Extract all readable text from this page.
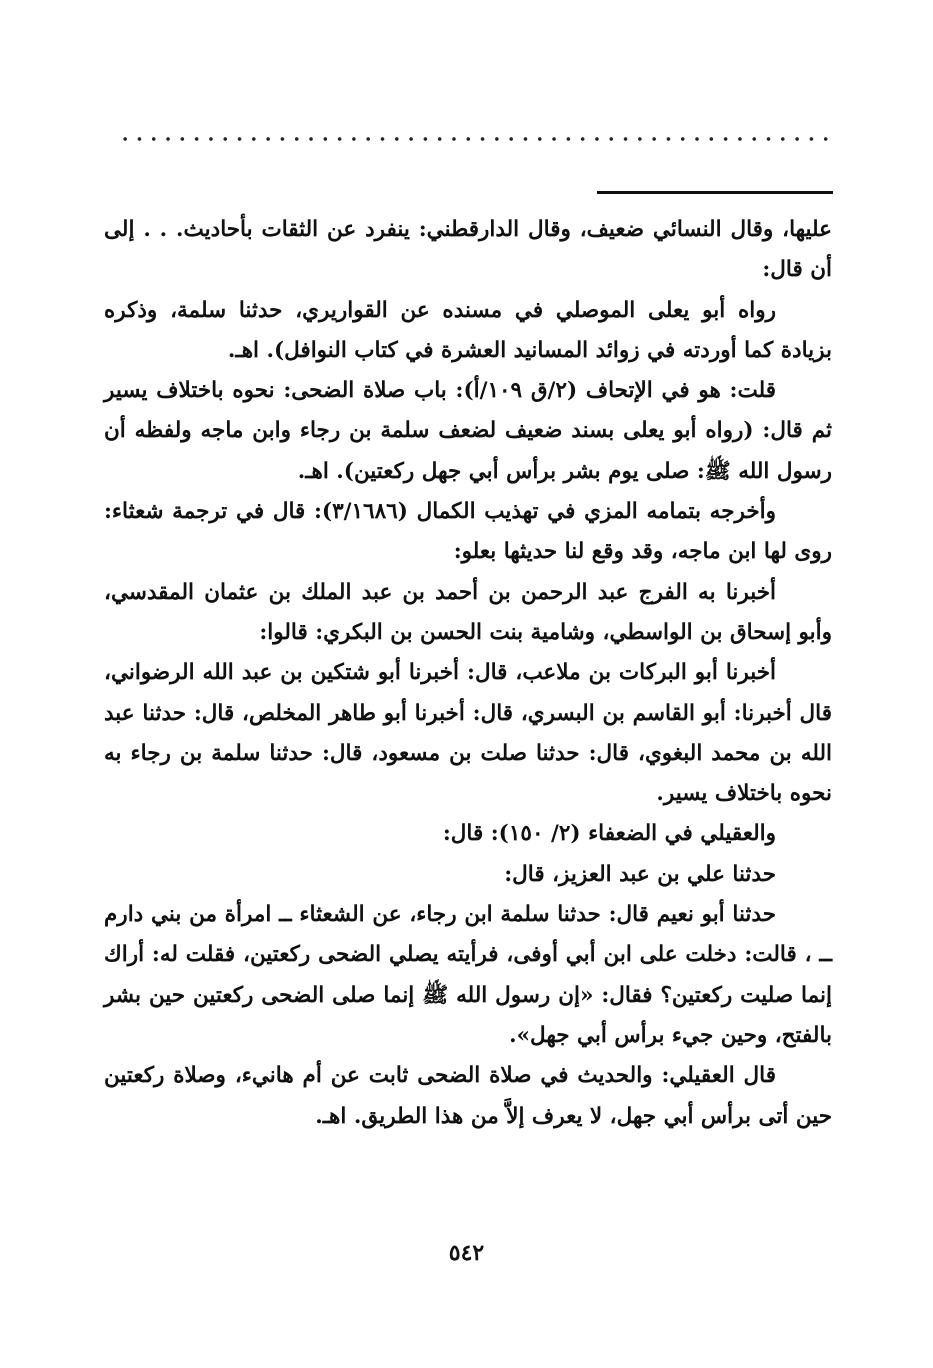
عليها، وقال النسائي ضعيف، وقال الدارقطني: ينفرد عن الثقات بأحاديث. . . إلى أن قال:

رواه أبو يعلى الموصلي في مسنده عن القواريري، حدثنا سلمة، وذكره بزيادة كما أوردته في زوائد المسانيد العشرة في كتاب النوافل). اهـ.

قلت: هو في الإتحاف (٢/ق ١٠٩/أ): باب صلاة الضحى: نحوه باختلاف يسير ثم قال: (رواه أبو يعلى بسند ضعيف لضعف سلمة بن رجاء وابن ماجه ولفظه أن رسول الله ﷺ: صلى يوم بشر برأس أبي جهل ركعتين). اهـ.

وأخرجه بتمامه المزي في تهذيب الكمال (٣/١٦٨٦): قال في ترجمة شعثاء: روى لها ابن ماجه، وقد وقع لنا حديثها بعلو:

أخبرنا به الفرج عبد الرحمن بن أحمد بن عبد الملك بن عثمان المقدسي، وأبو إسحاق بن الواسطي، وشامية بنت الحسن بن البكري: قالوا:

أخبرنا أبو البركات بن ملاعب، قال: أخبرنا أبو شتكين بن عبد الله الرضواني، قال أخبرنا: أبو القاسم بن البسري، قال: أخبرنا أبو طاهر المخلص، قال: حدثنا عبد الله بن محمد البغوي، قال: حدثنا صلت بن مسعود، قال: حدثنا سلمة بن رجاء به نحوه باختلاف يسير.

والعقيلي في الضعفاء (٢/ ١٥٠): قال:

حدثنا علي بن عبد العزيز، قال:

حدثنا أبو نعيم قال: حدثنا سلمة ابن رجاء، عن الشعثاء ــ امرأة من بني دارم ــ ، قالت: دخلت على ابن أبي أوفى، فرأيته يصلي الضحى ركعتين، فقلت له: أراك إنما صليت ركعتين؟ فقال: «إن رسول الله ﷺ إنما صلى الضحى ركعتين حين بشر بالفتح، وحين جيء برأس أبي جهل».

قال العقيلي: والحديث في صلاة الضحى ثابت عن أم هانيء، وصلاة ركعتين حين أتى برأس أبي جهل، لا يعرف إلاَّ من هذا الطريق. اهـ.

٥٤٢
